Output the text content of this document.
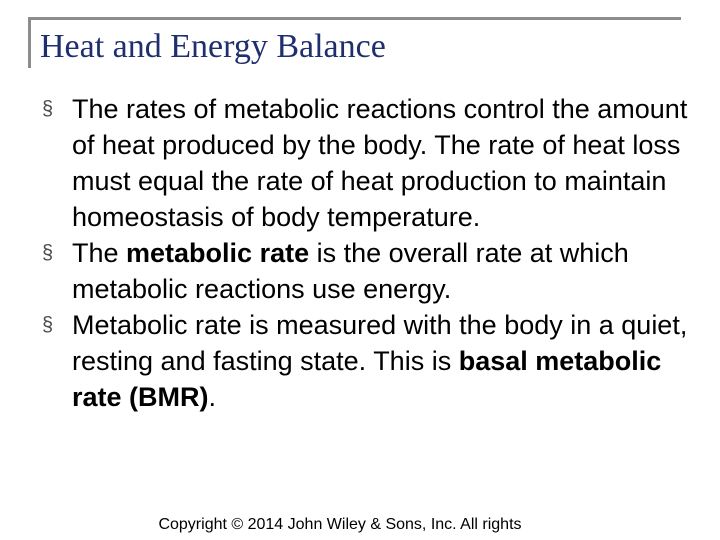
Heat and Energy Balance
§ The rates of metabolic reactions control the amount of heat produced by the body. The rate of heat loss must equal the rate of heat production to maintain homeostasis of body temperature.
§ The metabolic rate is the overall rate at which metabolic reactions use energy.
§ Metabolic rate is measured with the body in a quiet, resting and fasting state. This is basal metabolic rate (BMR).
Copyright © 2014 John Wiley & Sons, Inc. All rights
